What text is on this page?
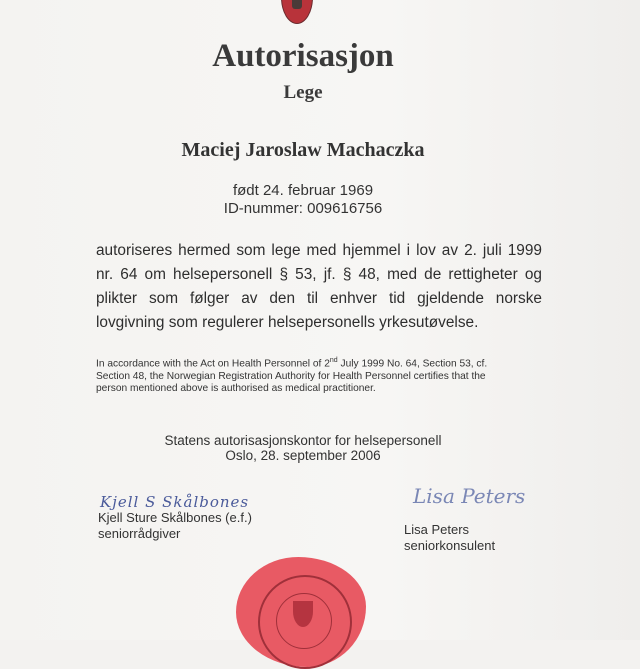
Autorisasjon
Lege
Maciej Jaroslaw Machaczka
født 24. februar 1969
ID-nummer: 009616756
autoriseres hermed som lege med hjemmel i lov av 2. juli 1999
nr. 64 om helsepersonell § 53, jf. § 48, med de rettigheter og
plikter som følger av den til enhver tid gjeldende norske
lovgivning som regulerer helsepersonells yrkesutøvelse.
In accordance with the Act on Health Personnel of 2nd July 1999 No. 64, Section 53, cf.
Section 48, the Norwegian Registration Authority for Health Personnel certifies that the
person mentioned above is authorised as medical practitioner.
Statens autorisasjonskontor for helsepersonell
Oslo, 28. september 2006
Kjell S Skålbones
Kjell Sture Skålbones (e.f.)
seniorrådgiver
Lisa Peters
Lisa Peters
seniorkonsulent
